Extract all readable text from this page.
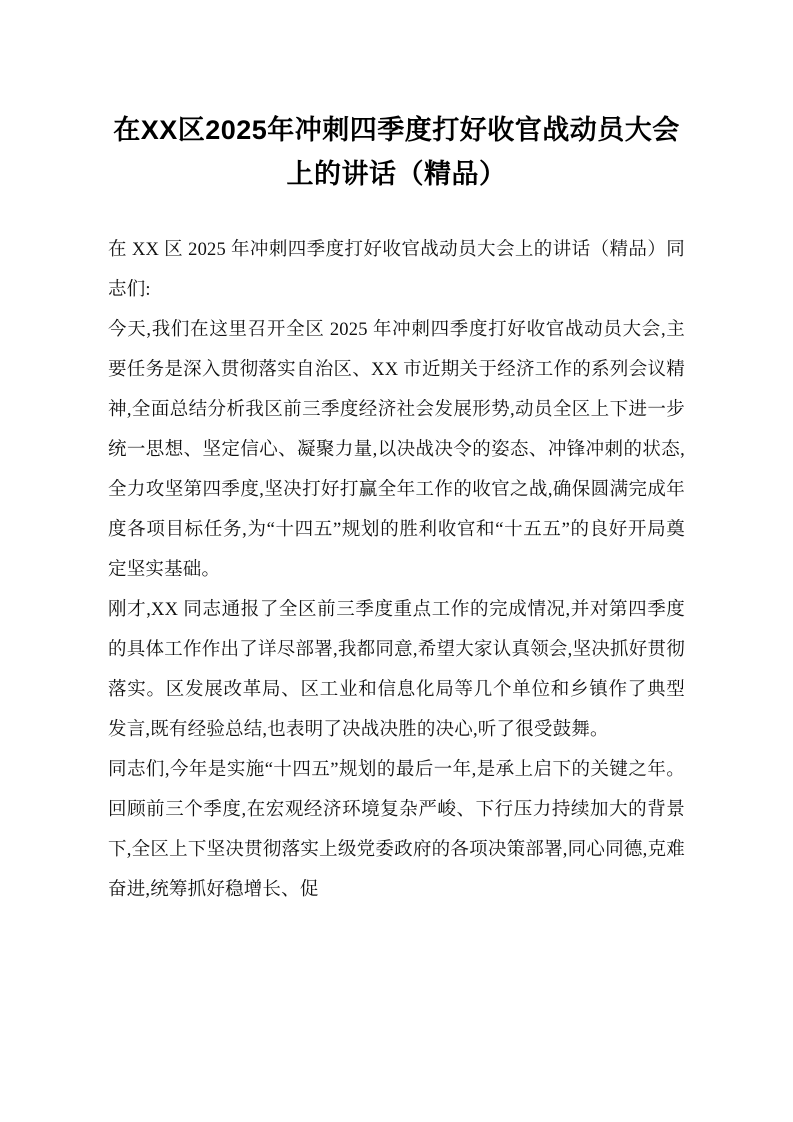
在XX区2025年冲刺四季度打好收官战动员大会上的讲话（精品）

在 XX 区 2025 年冲刺四季度打好收官战动员大会上的讲话（精品）同志们:

今天,我们在这里召开全区 2025 年冲刺四季度打好收官战动员大会,主要任务是深入贯彻落实自治区、XX 市近期关于经济工作的系列会议精神,全面总结分析我区前三季度经济社会发展形势,动员全区上下进一步统一思想、坚定信心、凝聚力量,以决战决令的姿态、冲锋冲刺的状态,全力攻坚第四季度,坚决打好打赢全年工作的收官之战,确保圆满完成年度各项目标任务,为“十四五”规划的胜利收官和“十五五”的良好开局奠定坚实基础。

刚才,XX 同志通报了全区前三季度重点工作的完成情况,并对第四季度的具体工作作出了详尽部署,我都同意,希望大家认真领会,坚决抓好贯彻落实。区发展改革局、区工业和信息化局等几个单位和乡镇作了典型发言,既有经验总结,也表明了决战决胜的决心,听了很受鼓舞。

同志们,今年是实施“十四五”规划的最后一年,是承上启下的关键之年。回顾前三个季度,在宏观经济环境复杂严峻、下行压力持续加大的背景下,全区上下坚决贯彻落实上级党委政府的各项决策部署,同心同德,克难奋进,统筹抓好稳增长、促
